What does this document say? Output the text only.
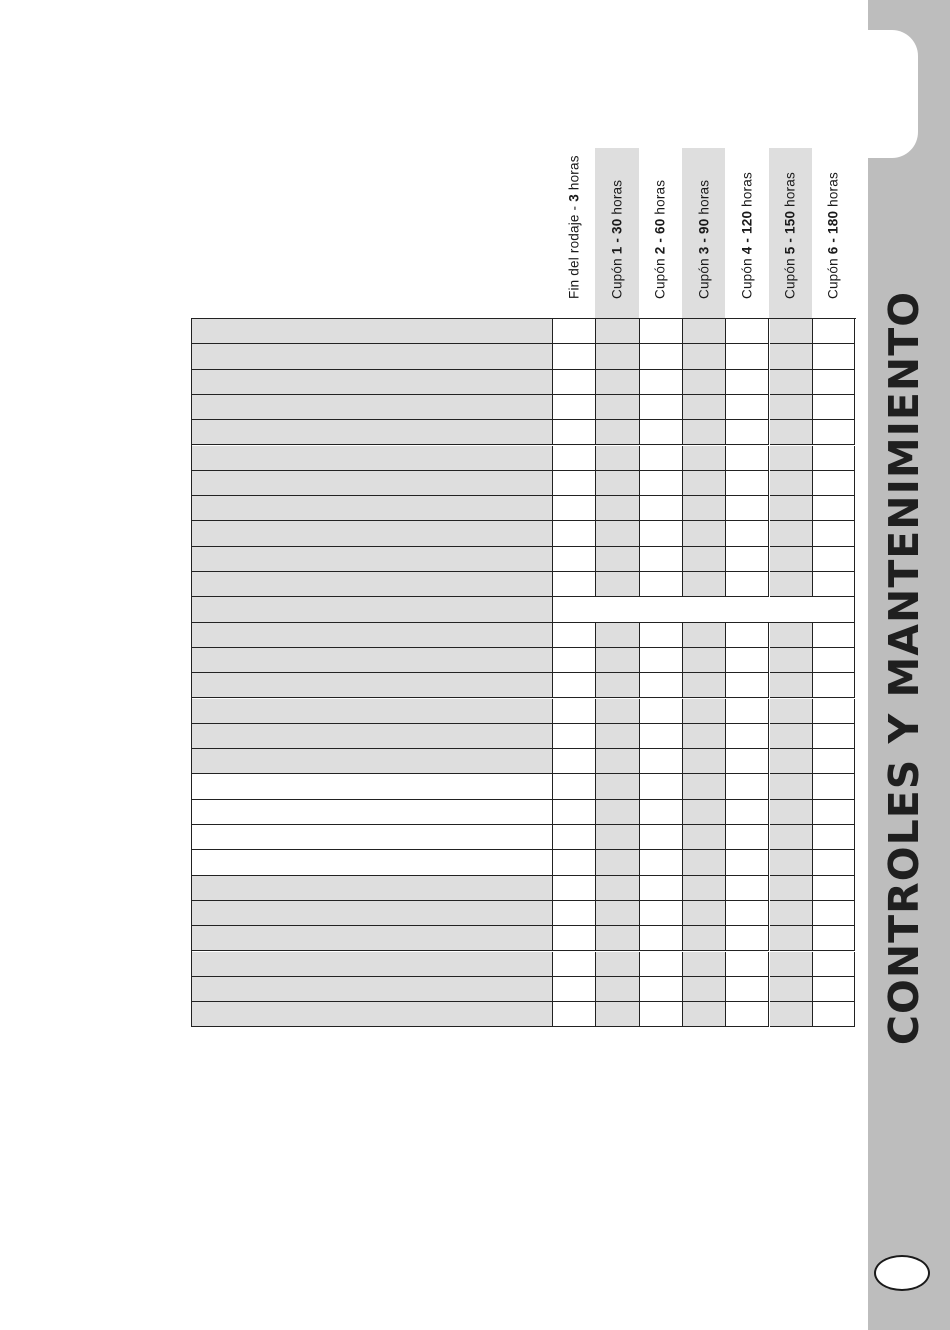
CONTROLES Y MANTENIMIENTO
Fin del rodaje - 3 horas
Cupón 1 - 30 horas
Cupón 2 - 60 horas
Cupón 3 - 90 horas
Cupón 4 - 120 horas
Cupón 5 - 150 horas
Cupón 6 - 180 horas
